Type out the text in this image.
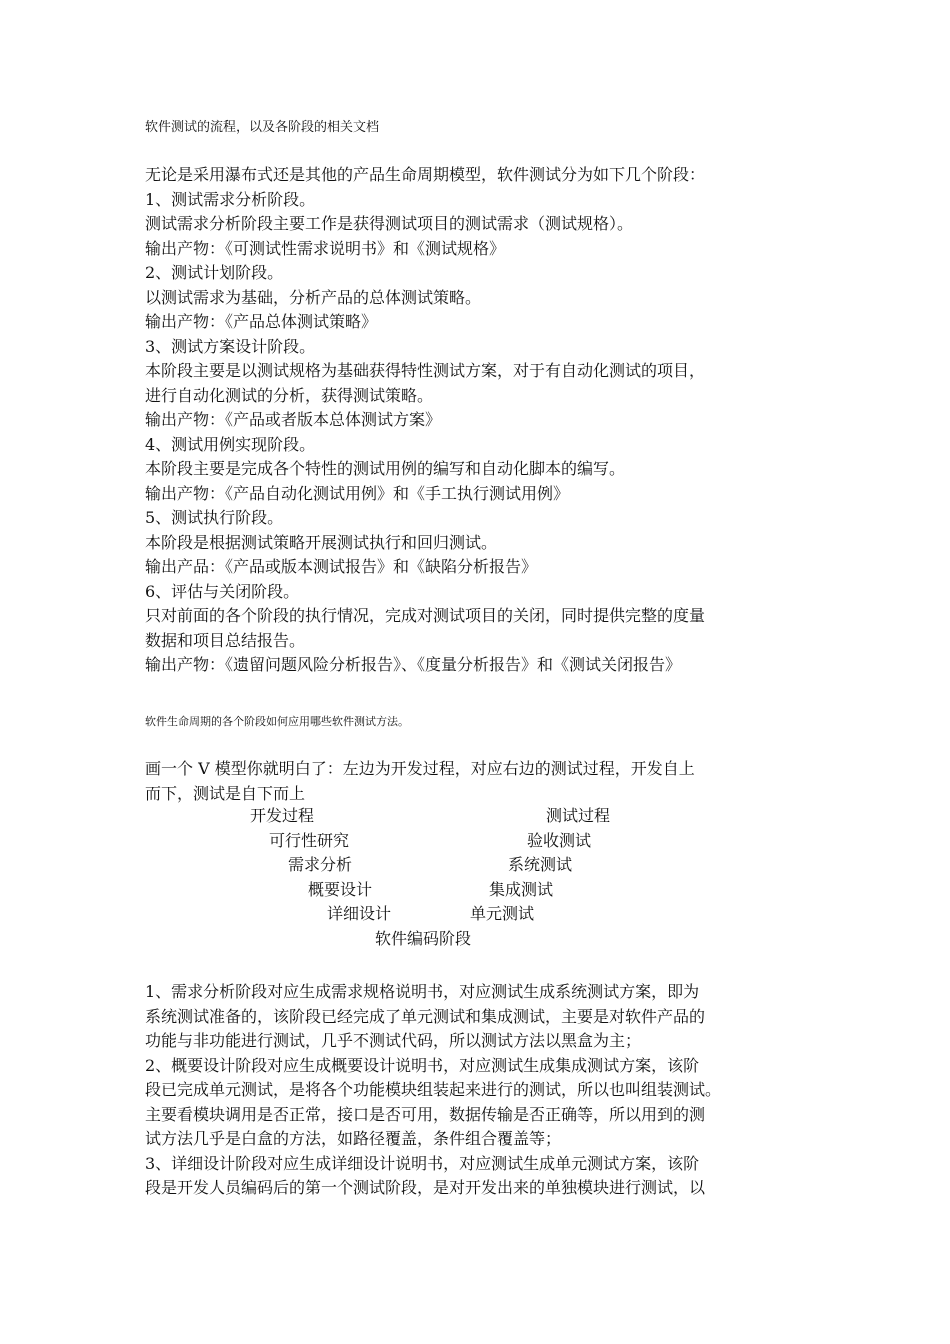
软件测试的流程，以及各阶段的相关文档

无论是采用瀑布式还是其他的产品生命周期模型，软件测试分为如下几个阶段：

1、测试需求分析阶段。

测试需求分析阶段主要工作是获得测试项目的测试需求（测试规格）。

输出产物：《可测试性需求说明书》和《测试规格》

2、测试计划阶段。

以测试需求为基础，分析产品的总体测试策略。

输出产物：《产品总体测试策略》

3、测试方案设计阶段。

本阶段主要是以测试规格为基础获得特性测试方案，对于有自动化测试的项目，

进行自动化测试的分析，获得测试策略。

输出产物：《产品或者版本总体测试方案》

4、测试用例实现阶段。

本阶段主要是完成各个特性的测试用例的编写和自动化脚本的编写。

输出产物：《产品自动化测试用例》和《手工执行测试用例》

5、测试执行阶段。

本阶段是根据测试策略开展测试执行和回归测试。

输出产品：《产品或版本测试报告》和《缺陷分析报告》

6、评估与关闭阶段。

只对前面的各个阶段的执行情况，完成对测试项目的关闭，同时提供完整的度量

数据和项目总结报告。

输出产物：《遗留问题风险分析报告》、《度量分析报告》和《测试关闭报告》

软件生命周期的各个阶段如何应用哪些软件测试方法。

画一个 V 模型你就明白了：左边为开发过程，对应右边的测试过程，开发自上

而下，测试是自下而上

开发过程	测试过程
可行性研究	验收测试
需求分析	系统测试
概要设计	集成测试
详细设计	单元测试
软件编码阶段

1、需求分析阶段对应生成需求规格说明书，对应测试生成系统测试方案，即为

系统测试准备的，该阶段已经完成了单元测试和集成测试，主要是对软件产品的

功能与非功能进行测试，几乎不测试代码，所以测试方法以黑盒为主；

2、概要设计阶段对应生成概要设计说明书，对应测试生成集成测试方案，该阶

段已完成单元测试，是将各个功能模块组装起来进行的测试，所以也叫组装测试。

主要看模块调用是否正常，接口是否可用，数据传输是否正确等，所以用到的测

试方法几乎是白盒的方法，如路径覆盖，条件组合覆盖等；

3、详细设计阶段对应生成详细设计说明书，对应测试生成单元测试方案，该阶

段是开发人员编码后的第一个测试阶段，是对开发出来的单独模块进行测试，以
